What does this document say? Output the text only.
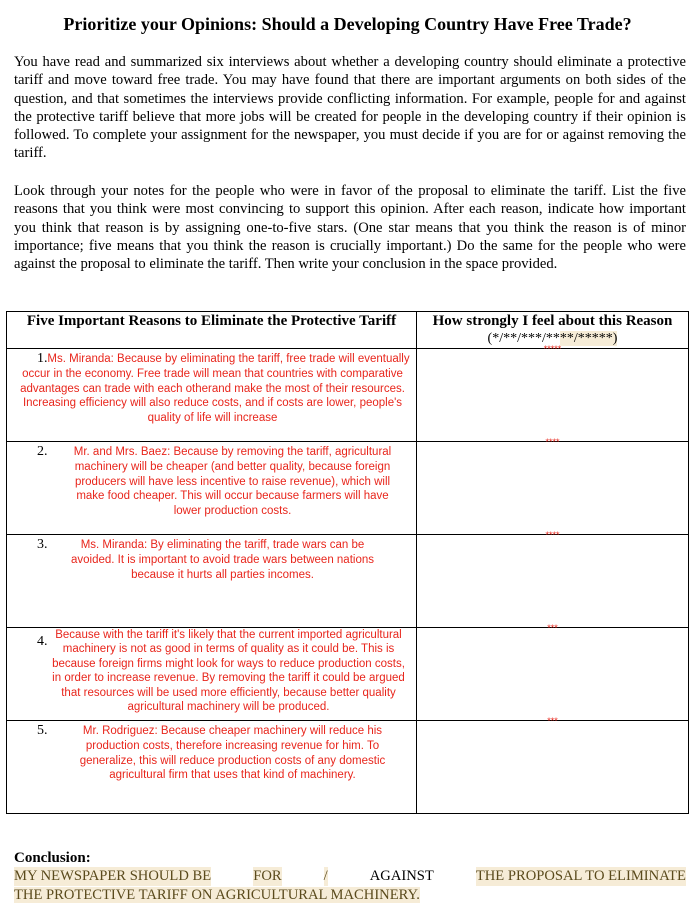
Prioritize your Opinions: Should a Developing Country Have Free Trade?

You have read and summarized six interviews about whether a developing country should eliminate a protective tariff and move toward free trade. You may have found that there are important arguments on both sides of the question, and that sometimes the interviews provide conflicting information. For example, people for and against the protective tariff believe that more jobs will be created for people in the developing country if their opinion is followed. To complete your assignment for the newspaper, you must decide if you are for or against removing the tariff.

Look through your notes for the people who were in favor of the proposal to eliminate the tariff. List the five reasons that you think were most convincing to support this opinion. After each reason, indicate how important you think that reason is by assigning one-to-five stars. (One star means that you think the reason is of minor importance; five means that you think the reason is crucially important.) Do the same for the people who were against the proposal to eliminate the tariff. Then write your conclusion in the space provided.

Five Important Reasons to Eliminate the Protective Tariff	How strongly I feel about this Reason
(*/**/***/****/*****)

1. Ms. Miranda: Because by eliminating the tariff, free trade will eventually occur in the economy. Free trade will mean that countries with comparative advantages can trade with each otherand make the most of their resources. Increasing efficiency will also reduce costs, and if costs are lower, people's quality of life will increase	*****

2. Mr. and Mrs. Baez: Because by removing the tariff, agricultural machinery will be cheaper (and better quality, because foreign producers will have less incentive to raise revenue), which will make food cheaper. This will occur because farmers will have lower production costs.	****

3. Ms. Miranda: By eliminating the tariff, trade wars can be avoided. It is important to avoid trade wars between nations because it hurts all parties incomes.	****

4. Because with the tariff it's likely that the current imported agricultural machinery is not as good in terms of quality as it could be. This is because foreign firms might look for ways to reduce production costs, in order to increase revenue. By removing the tariff it could be argued that resources will be used more efficiently, because better quality agricultural machinery will be produced.	***

5. Mr. Rodriguez: Because cheaper machinery will reduce his production costs, therefore increasing revenue for him. To generalize, this will reduce production costs of any domestic agricultural firm that uses that kind of machinery.	***
Conclusion:
MY NEWSPAPER SHOULD BE	FOR	/	AGAINST	THE PROPOSAL TO ELIMINATE
THE PROTECTIVE TARIFF ON AGRICULTURAL MACHINERY.
